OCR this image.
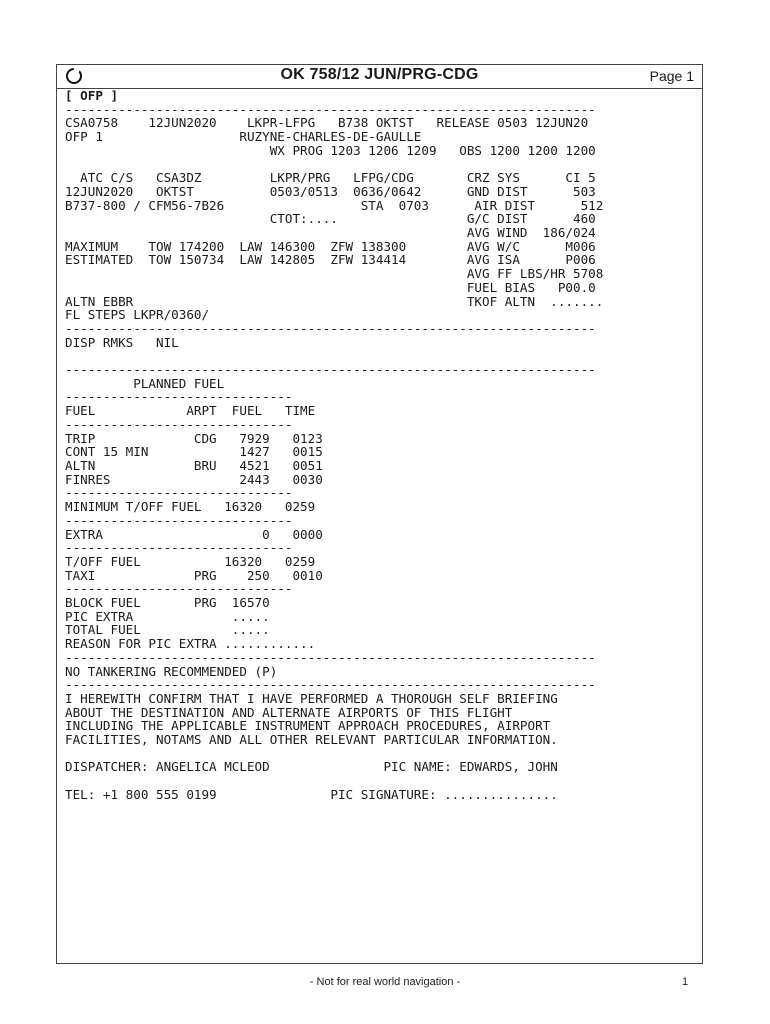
OK 758/12 JUN/PRG-CDG	Page 1
[ OFP ]
----------------------------------------------------------------------
CSA0758    12JUN2020    LKPR-LFPG   B738 OKTST   RELEASE 0503 12JUN20
OFP 1                  RUZYNE-CHARLES-DE-GAULLE
WX PROG 1203 1206 1209   OBS 1200 1200 1200

ATC C/S   CSA3DZ         LKPR/PRG   LFPG/CDG       CRZ SYS      CI 5
12JUN2020   OKTST          0503/0513  0636/0642      GND DIST      503
B737-800 / CFM56-7B26                  STA  0703      AIR DIST      512
CTOT:....                 G/C DIST      460
AVG WIND  186/024
MAXIMUM    TOW 174200  LAW 146300  ZFW 138300        AVG W/C      M006
ESTIMATED  TOW 150734  LAW 142805  ZFW 134414        AVG ISA      P006
AVG FF LBS/HR 5708
FUEL BIAS   P00.0
ALTN EBBR                                            TKOF ALTN  .......
FL STEPS LKPR/0360/
----------------------------------------------------------------------
DISP RMKS   NIL

----------------------------------------------------------------------
PLANNED FUEL
------------------------------
FUEL            ARPT  FUEL   TIME
------------------------------
TRIP             CDG   7929   0123
CONT 15 MIN            1427   0015
ALTN             BRU   4521   0051
FINRES                 2443   0030
------------------------------
MINIMUM T/OFF FUEL   16320   0259
------------------------------
EXTRA                     0   0000
------------------------------
T/OFF FUEL           16320   0259
TAXI             PRG    250   0010
------------------------------
BLOCK FUEL       PRG  16570
PIC EXTRA             .....
TOTAL FUEL            .....
REASON FOR PIC EXTRA ............
----------------------------------------------------------------------
NO TANKERING RECOMMENDED (P)
----------------------------------------------------------------------
I HEREWITH CONFIRM THAT I HAVE PERFORMED A THOROUGH SELF BRIEFING
ABOUT THE DESTINATION AND ALTERNATE AIRPORTS OF THIS FLIGHT
INCLUDING THE APPLICABLE INSTRUMENT APPROACH PROCEDURES, AIRPORT
FACILITIES, NOTAMS AND ALL OTHER RELEVANT PARTICULAR INFORMATION.

DISPATCHER: ANGELICA MCLEOD               PIC NAME: EDWARDS, JOHN

TEL: +1 800 555 0199               PIC SIGNATURE: ...............

- Not for real world navigation -	1
